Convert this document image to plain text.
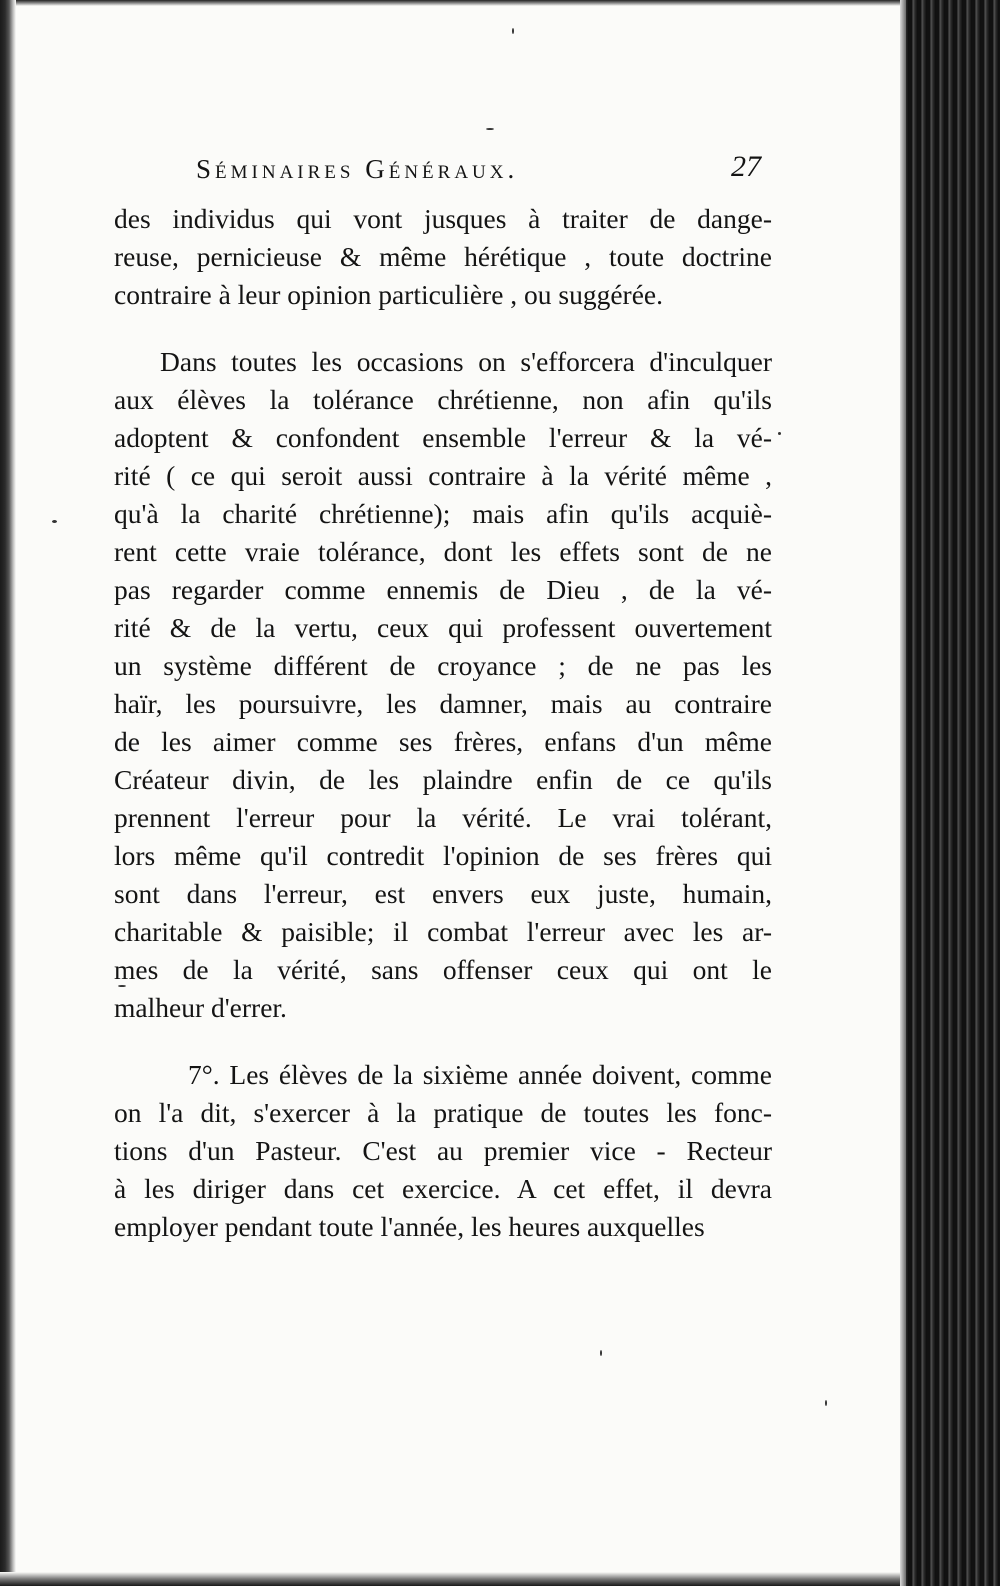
Séminaires Généraux.	27
des individus qui vont jusques à traiter de dange-
reuse, pernicieuse & même hérétique , toute doctrine
contraire à leur opinion particulière , ou suggérée.
Dans toutes les occasions on s'efforcera d'inculquer
aux élèves la tolérance chrétienne, non afin qu'ils
adoptent & confondent ensemble l'erreur & la vé-
rité ( ce qui seroit aussi contraire à la vérité même ,
qu'à la charité chrétienne); mais afin qu'ils acquiè-
rent cette vraie tolérance, dont les effets sont de ne
pas regarder comme ennemis de Dieu , de la vé-
rité & de la vertu, ceux qui professent ouvertement
un système différent de croyance ; de ne pas les
haïr, les poursuivre, les damner, mais au contraire
de les aimer comme ses frères, enfans d'un même
Créateur divin, de les plaindre enfin de ce qu'ils
prennent l'erreur pour la vérité. Le vrai tolérant,
lors même qu'il contredit l'opinion de ses frères qui
sont dans l'erreur, est envers eux juste, humain,
charitable & paisible; il combat l'erreur avec les ar-
mes de la vérité, sans offenser ceux qui ont le
malheur d'errer.
7°. Les élèves de la sixième année doivent, comme
on l'a dit, s'exercer à la pratique de toutes les fonc-
tions d'un Pasteur. C'est au premier vice - Recteur
à les diriger dans cet exercice. A cet effet, il devra
employer pendant toute l'année, les heures auxquelles
